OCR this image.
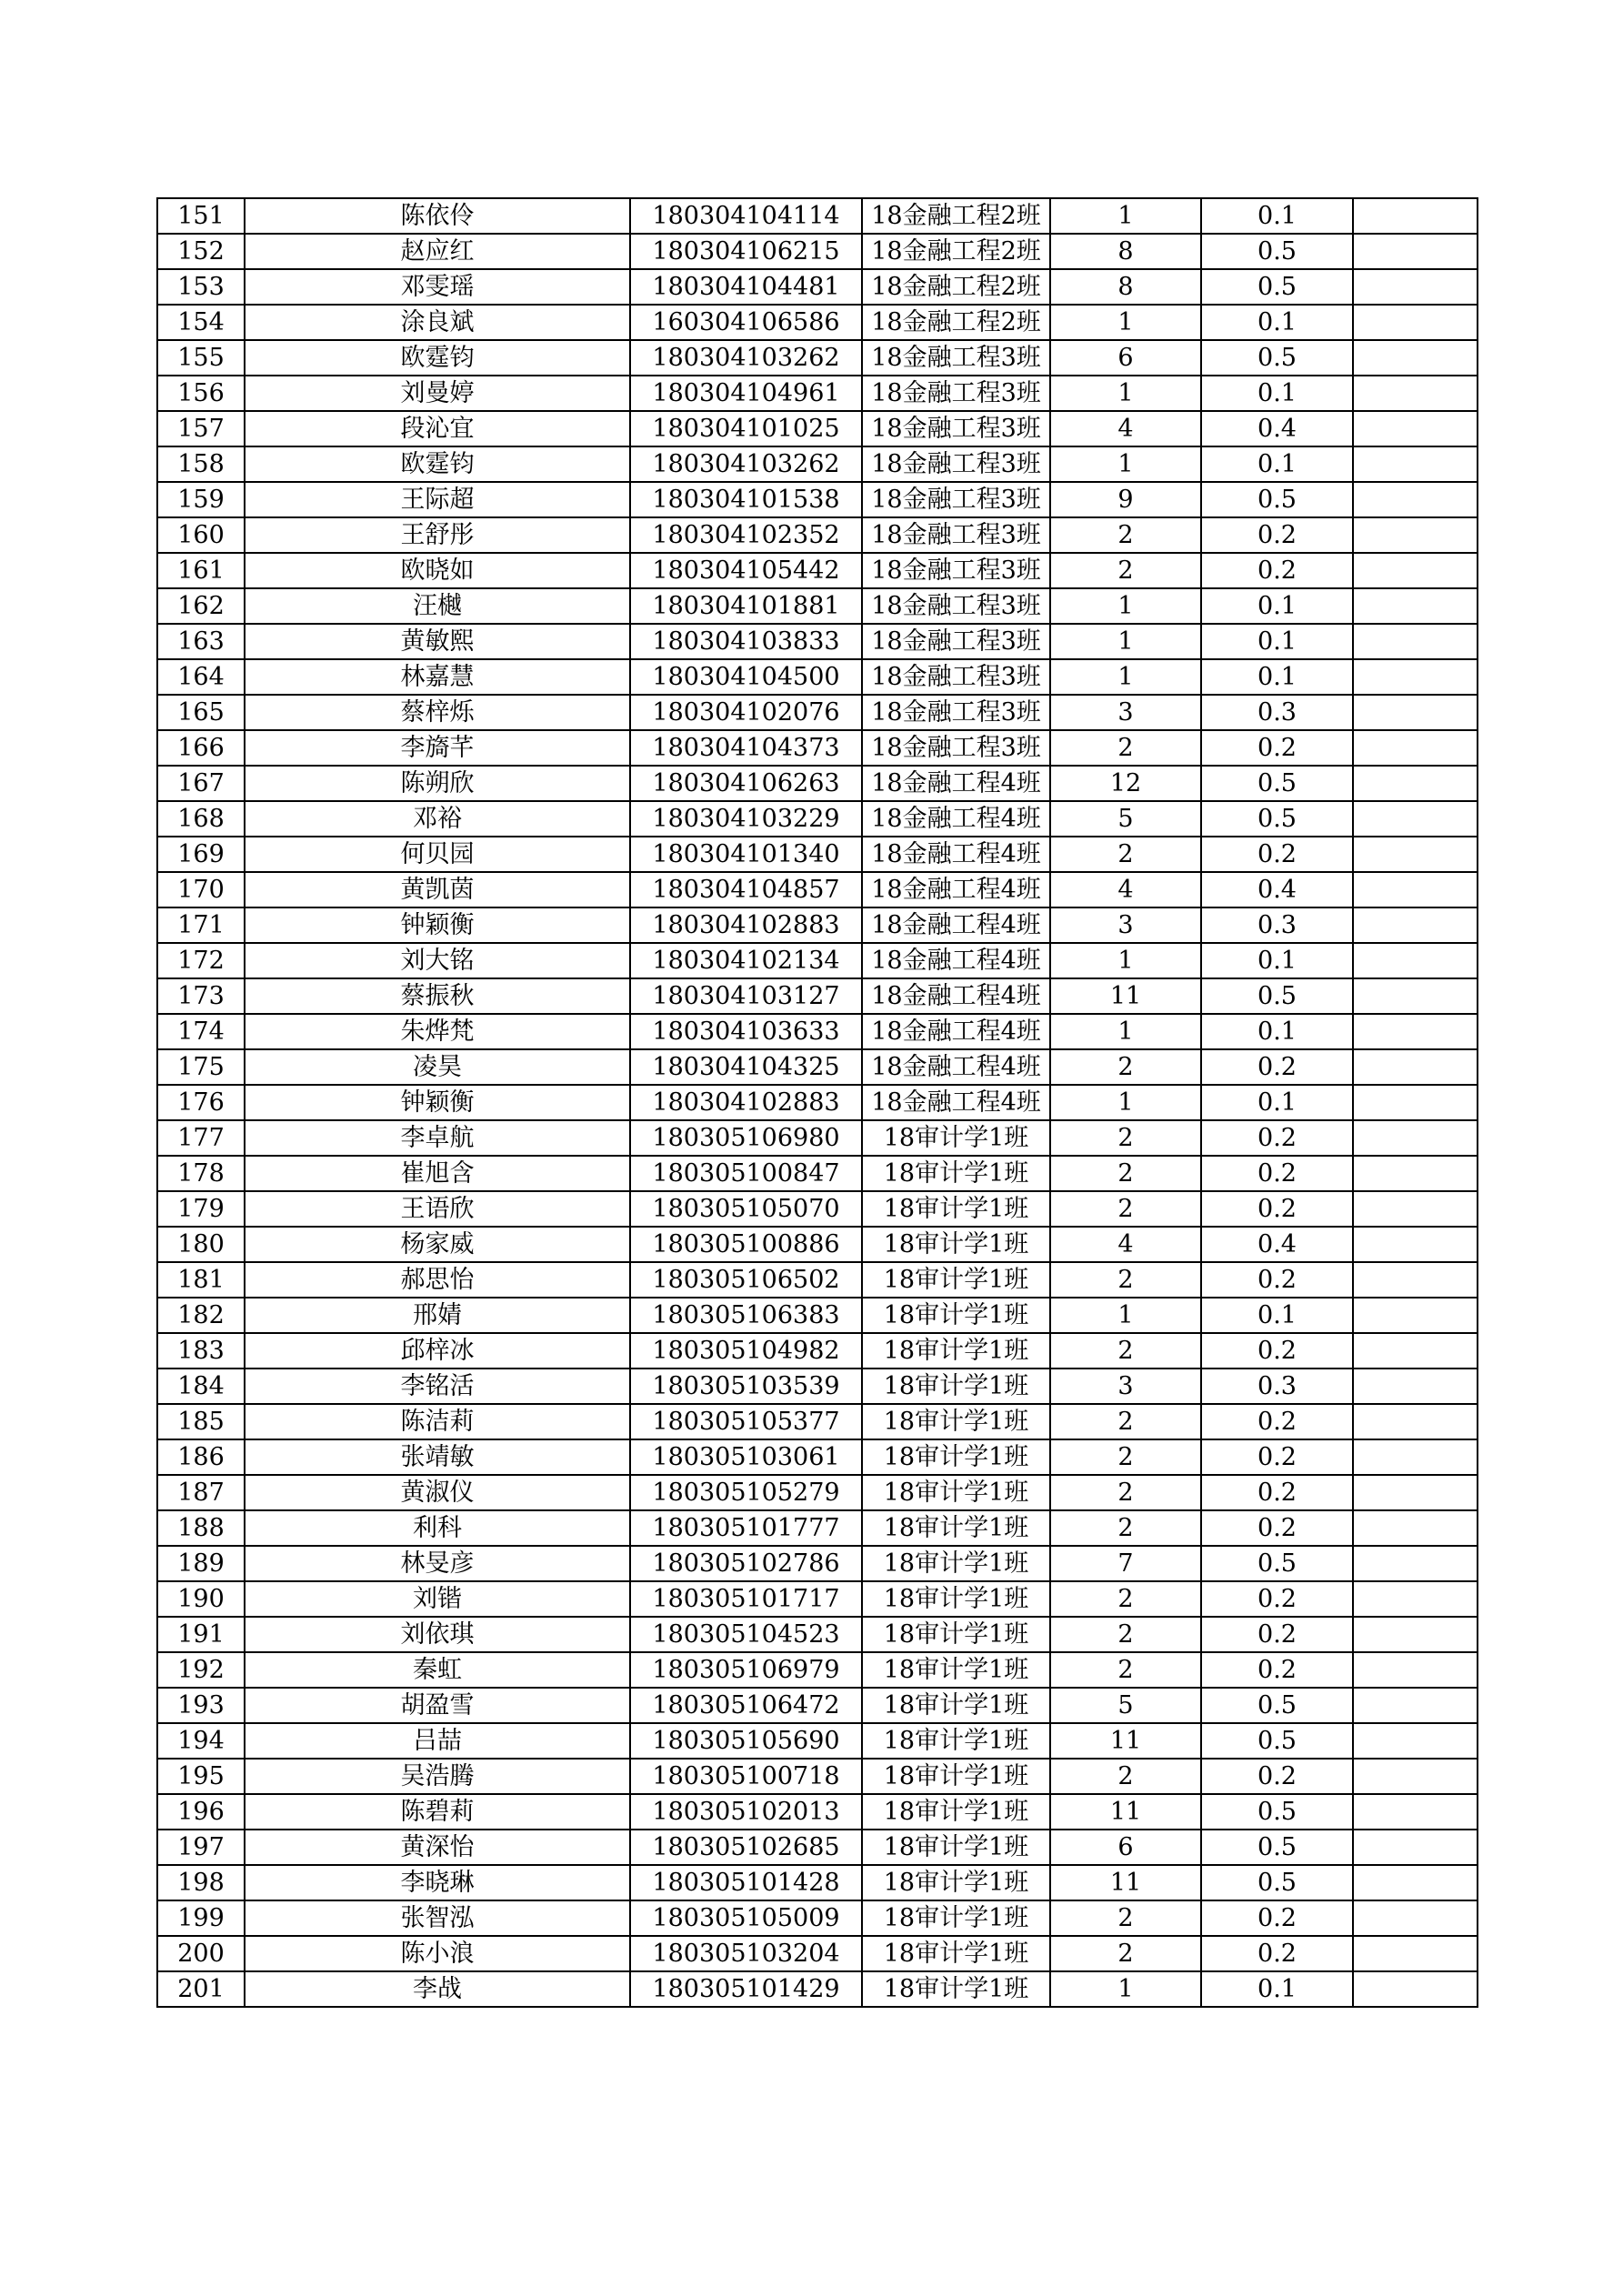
151	陈依伶	180304104114	18金融工程2班	1	0.1	
152	赵应红	180304106215	18金融工程2班	8	0.5	
153	邓雯瑶	180304104481	18金融工程2班	8	0.5	
154	涂良斌	160304106586	18金融工程2班	1	0.1	
155	欧霆钧	180304103262	18金融工程3班	6	0.5	
156	刘曼婷	180304104961	18金融工程3班	1	0.1	
157	段沁宜	180304101025	18金融工程3班	4	0.4	
158	欧霆钧	180304103262	18金融工程3班	1	0.1	
159	王际超	180304101538	18金融工程3班	9	0.5	
160	王舒彤	180304102352	18金融工程3班	2	0.2	
161	欧晓如	180304105442	18金融工程3班	2	0.2	
162	汪樾	180304101881	18金融工程3班	1	0.1	
163	黄敏熙	180304103833	18金融工程3班	1	0.1	
164	林嘉慧	180304104500	18金融工程3班	1	0.1	
165	蔡梓烁	180304102076	18金融工程3班	3	0.3	
166	李旖芊	180304104373	18金融工程3班	2	0.2	
167	陈朔欣	180304106263	18金融工程4班	12	0.5	
168	邓裕	180304103229	18金融工程4班	5	0.5	
169	何贝园	180304101340	18金融工程4班	2	0.2	
170	黄凯茵	180304104857	18金融工程4班	4	0.4	
171	钟颖衡	180304102883	18金融工程4班	3	0.3	
172	刘大铭	180304102134	18金融工程4班	1	0.1	
173	蔡振秋	180304103127	18金融工程4班	11	0.5	
174	朱烨梵	180304103633	18金融工程4班	1	0.1	
175	凌昊	180304104325	18金融工程4班	2	0.2	
176	钟颖衡	180304102883	18金融工程4班	1	0.1	
177	李卓航	180305106980	18审计学1班	2	0.2	
178	崔旭含	180305100847	18审计学1班	2	0.2	
179	王语欣	180305105070	18审计学1班	2	0.2	
180	杨家威	180305100886	18审计学1班	4	0.4	
181	郝思怡	180305106502	18审计学1班	2	0.2	
182	邢婧	180305106383	18审计学1班	1	0.1	
183	邱梓冰	180305104982	18审计学1班	2	0.2	
184	李铭活	180305103539	18审计学1班	3	0.3	
185	陈洁莉	180305105377	18审计学1班	2	0.2	
186	张靖敏	180305103061	18审计学1班	2	0.2	
187	黄淑仪	180305105279	18审计学1班	2	0.2	
188	利科	180305101777	18审计学1班	2	0.2	
189	林旻彦	180305102786	18审计学1班	7	0.5	
190	刘锴	180305101717	18审计学1班	2	0.2	
191	刘依琪	180305104523	18审计学1班	2	0.2	
192	秦虹	180305106979	18审计学1班	2	0.2	
193	胡盈雪	180305106472	18审计学1班	5	0.5	
194	吕喆	180305105690	18审计学1班	11	0.5	
195	吴浩腾	180305100718	18审计学1班	2	0.2	
196	陈碧莉	180305102013	18审计学1班	11	0.5	
197	黄深怡	180305102685	18审计学1班	6	0.5	
198	李晓琳	180305101428	18审计学1班	11	0.5	
199	张智泓	180305105009	18审计学1班	2	0.2	
200	陈小浪	180305103204	18审计学1班	2	0.2	
201	李战	180305101429	18审计学1班	1	0.1	
